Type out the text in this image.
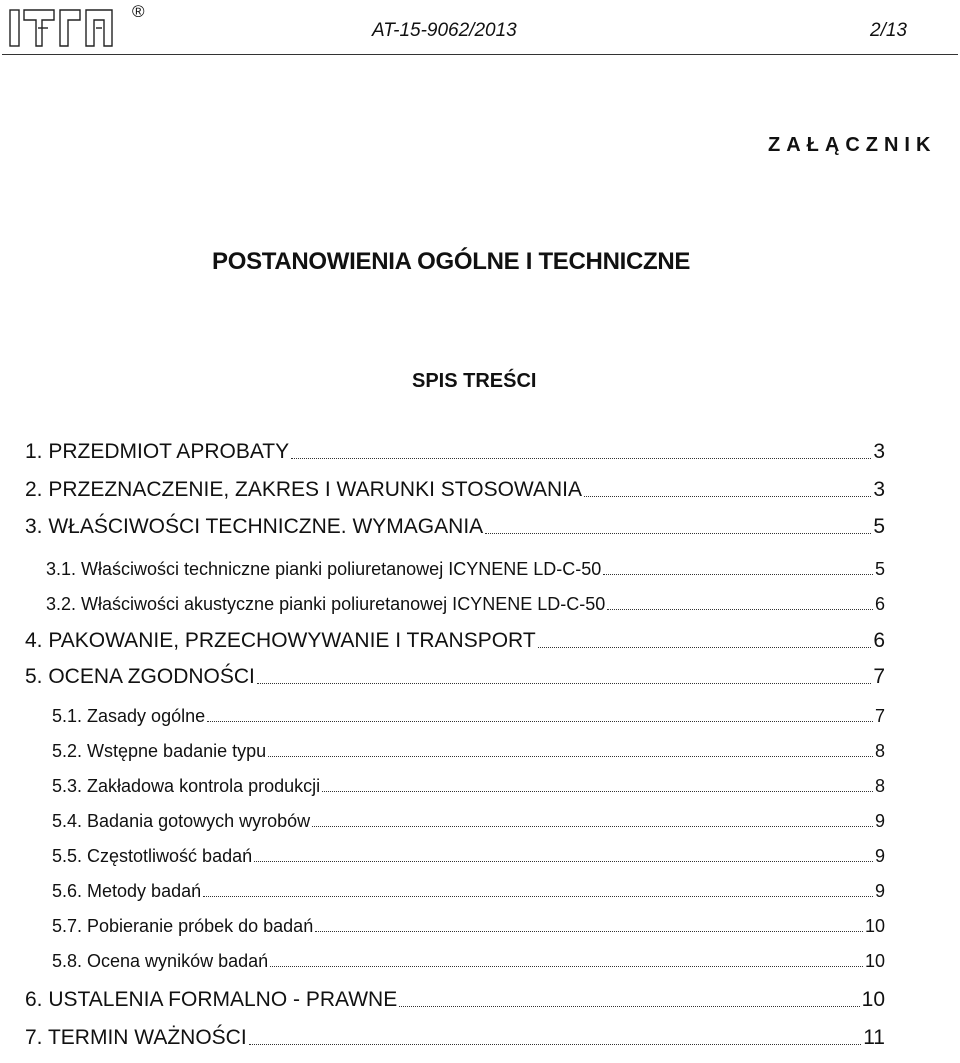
®
AT-15-9062/2013	2/13
ZAŁĄCZNIK
POSTANOWIENIA OGÓLNE I TECHNICZNE
SPIS TREŚCI
1. PRZEDMIOT APROBATY	3
2. PRZEZNACZENIE, ZAKRES I WARUNKI STOSOWANIA	3
3. WŁAŚCIWOŚCI TECHNICZNE. WYMAGANIA	5
3.1. Właściwości techniczne pianki poliuretanowej ICYNENE LD-C-50	5
3.2. Właściwości akustyczne pianki poliuretanowej ICYNENE LD-C-50	6
4. PAKOWANIE, PRZECHOWYWANIE I TRANSPORT	6
5. OCENA ZGODNOŚCI	7
5.1. Zasady ogólne	7
5.2. Wstępne badanie typu	8
5.3. Zakładowa kontrola produkcji	8
5.4. Badania gotowych wyrobów	9
5.5. Częstotliwość badań	9
5.6. Metody badań	9
5.7. Pobieranie próbek do badań	10
5.8. Ocena wyników badań	10
6. USTALENIA FORMALNO - PRAWNE	10
7. TERMIN WAŻNOŚCI	11
